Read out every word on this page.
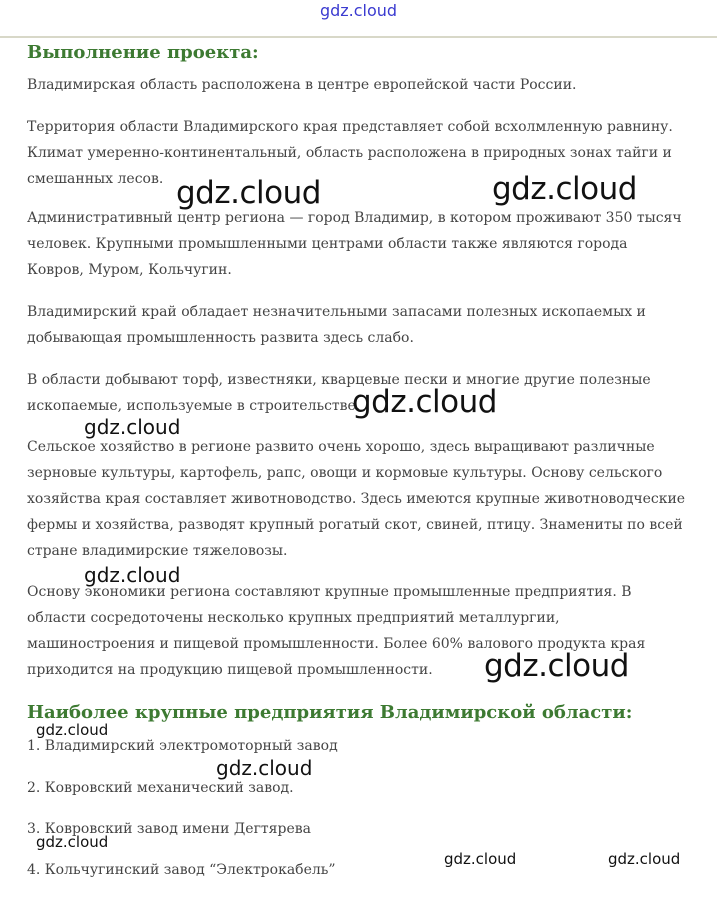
gdz.cloud
Выполнение проекта:

Владимирская область расположена в центре европейской части России.

Территория области Владимирского края представляет собой всхолмленную равнину. Климат умеренно-континентальный, область расположена в природных зонах тайги и смешанных лесов.

Административный центр региона — город Владимир, в котором проживают 350 тысяч человек. Крупными промышленными центрами области также являются города Ковров, Муром, Кольчугин.

Владимирский край обладает незначительными запасами полезных ископаемых и добывающая промышленность развита здесь слабо.

В области добывают торф, известняки, кварцевые пески и многие другие полезные ископаемые, используемые в строительстве.

Сельское хозяйство в регионе развито очень хорошо, здесь выращивают различные зерновые культуры, картофель, рапс, овощи и кормовые культуры. Основу сельского хозяйства края составляет животноводство. Здесь имеются крупные животноводческие фермы и хозяйства, разводят крупный рогатый скот, свиней, птицу. Знамениты по всей стране владимирские тяжеловозы.

Основу экономики региона составляют крупные промышленные предприятия. В области сосредоточены несколько крупных предприятий металлургии, машиностроения и пищевой промышленности. Более 60% валового продукта края приходится на продукцию пищевой промышленности.

Наиболее крупные предприятия Владимирской области:
1. Владимирский электромоторный завод
2. Ковровский механический завод.
3. Ковровский завод имени Дегтярева
4. Кольчугинский завод “Электрокабель”
gdz.cloud	gdz.cloud
gdz.cloud
gdz.cloud
gdz.cloud
gdz.cloud
gdz.cloud
gdz.cloud
gdz.cloud
gdz.cloud	gdz.cloud
